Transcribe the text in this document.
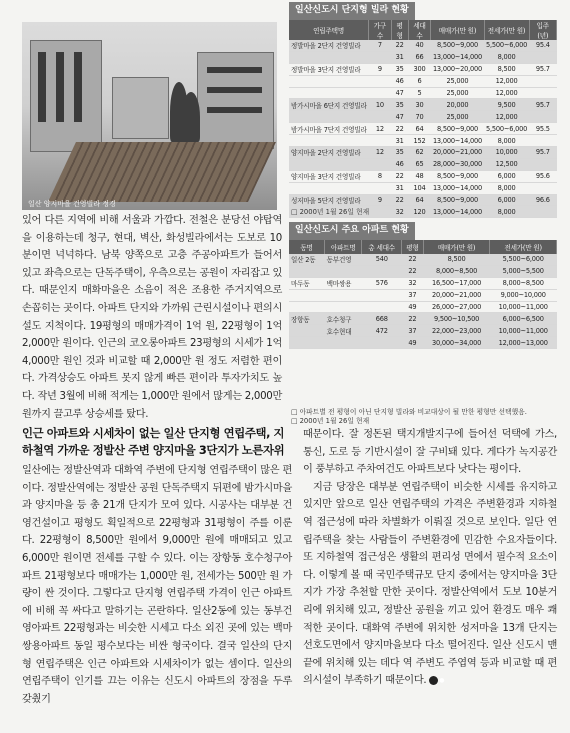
일산 양지마을 건영빌라 정경

있어 다른 지역에 비해 서울과 가깝다. 전철은 분당선 야탑역을 이용하는데 청구, 현대, 벽산, 화성빌라에서는 도보로 10분이면 넉넉하다. 남북 양쪽으로 고층 주공아파트가 들어서 있고 좌측으로는 단독주택이, 우측으로는 공원이 자리잡고 있다. 때문인지 매화마을은 소음이 적은 조용한 주거지역으로 손꼽히는 곳이다. 아파트 단지와 가까워 근린시설이나 편의시설도 지척이다. 19평형의 매매가격이 1억 원, 22평형이 1억 2,000만 원이다. 인근의 코오롱아파트 23평형의 시세가 1억 4,000만 원인 것과 비교할 때 2,000만 원 정도 저렴한 편이다. 가격상승도 아파트 못지 않게 빠른 편이라 투자가치도 높다. 작년 3월에 비해 적게는 1,000만 원에서 많게는 2,000만 원까지 끌고루 상승세를 탔다.

인근 아파트와 시세차이 없는 일산 단지형 연립주택, 지하철역 가까운 정발산 주변 양지마을 3단지가 노른자위

일산에는 정발산역과 대화역 주변에 단지형 연립주택이 많은 편이다. 정발산역에는 정발산 공원 단독주택지 뒤편에 밤가시마을과 양지마을 등 총 21개 단지가 모여 있다. 시공사는 대부분 건영건설이고 평형도 획일적으로 22평형과 31평형이 주를 이룬다. 22평형이 8,500만 원에서 9,000만 원에 매매되고 있고 6,000만 원이면 전세를 구할 수 있다. 이는 장항동 호수청구아파트 21평형보다 매매가는 1,000만 원, 전세가는 500만 원 가량이 싼 것이다. 그렇다고 단지형 연립주택 가격이 인근 아파트에 비해 꼭 싸다고 말하기는 곤란하다. 일산2동에 있는 동부건영아파트 22평형과는 비슷한 시세고 다소 외진 곳에 있는 백마쌍용아파트 동일 평수보다는 비싼 형국이다. 결국 일산의 단지형 연립주택은 인근 아파트와 시세차이가 없는 셈이다. 일산의 연립주택이 인기를 끄는 이유는 신도시 아파트의 장점을 두루 갖췄기

일산신도시 단지형 빌라 현황
연립주택명	가구수	평형	세대수	매매가(만 원)	전세가(만 원)	입주(년)
정발마을 2단지 건영빌라	7	22	40	8,500~9,000	5,500~6,000	95.4
		31	66	13,000~14,000	8,000	
정발마을 3단지 건영빌라	9	35	300	13,000~20,000	8,500	95.7
		46	6	25,000	12,000	
		47	5	25,000	12,000	
밤가시마을 6단지 건영빌라	10	35	30	20,000	9,500	95.7
		47	70	25,000	12,000	
밤가시마을 7단지 건영빌라	12	22	64	8,500~9,000	5,500~6,000	95.5
		31	152	13,000~14,000	8,000	
양지마을 2단지 건영빌라	12	35	62	20,000~21,000	10,000	95.7
		46	65	28,000~30,000	12,500	
양지마을 3단지 건영빌라	8	22	48	8,500~9,000	6,000	95.6
		31	104	13,000~14,000	8,000	
성저마을 5단지 건영빌라	9	22	64	8,500~9,000	6,000	96.6
		32	120	13,000~14,000	8,000	
□ 2000년 1월 26일 현재
일산신도시 주요 아파트 현황
동명	아파트명	총 세대수	평형	매매가(만 원)	전세가(만 원)
일산 2동	동부건영	540	22	8,500	5,500~6,000
			22	8,000~8,500	5,000~5,500
마두동	백마쌍용	576	32	16,500~17,000	8,000~8,500
			37	20,000~21,000	9,000~10,000
			49	26,000~27,000	10,000~11,000
장항동	호수청구	668	22	9,500~10,500	6,000~6,500
	호수현대	472	37	22,000~23,000	10,000~11,000
			49	30,000~34,000	12,000~13,000
□ 아파트별 전 평형이 아닌 단지형 빌라와 비교대상이 될 만한 평형만 선택했음.
□ 2000년 1월 26일 현재

때문이다. 잘 정돈된 택지개발지구에 들어선 덕택에 가스, 통신, 도로 등 기반시설이 잘 구비돼 있다. 게다가 녹지공간이 풍부하고 주차여건도 아파트보다 낫다는 평이다.

지금 당장은 대부분 연립주택이 비슷한 시세를 유지하고 있지만 앞으로 일산 연립주택의 가격은 주변환경과 지하철역 접근성에 따라 차별화가 이뤄질 것으로 보인다. 일단 연립주택을 찾는 사람들이 주변환경에 민감한 수요자들이다. 또 지하철역 접근성은 생활의 편리성 면에서 필수적 요소이다. 이렇게 볼 때 국민주택규모 단지 중에서는 양지마을 3단지가 가장 추천할 만한 곳이다. 정발산역에서 도보 10분거리에 위치해 있고, 정발산 공원을 끼고 있어 환경도 매우 쾌적한 곳이다. 대화역 주변에 위치한 성저마을 13개 단지는 선호도면에서 양지마을보다 다소 떨어진다. 일산 신도시 맨 끝에 위치해 있는 데다 역 주변도 주엽역 등과 비교할 때 편의시설이 부족하기 때문이다. ●
